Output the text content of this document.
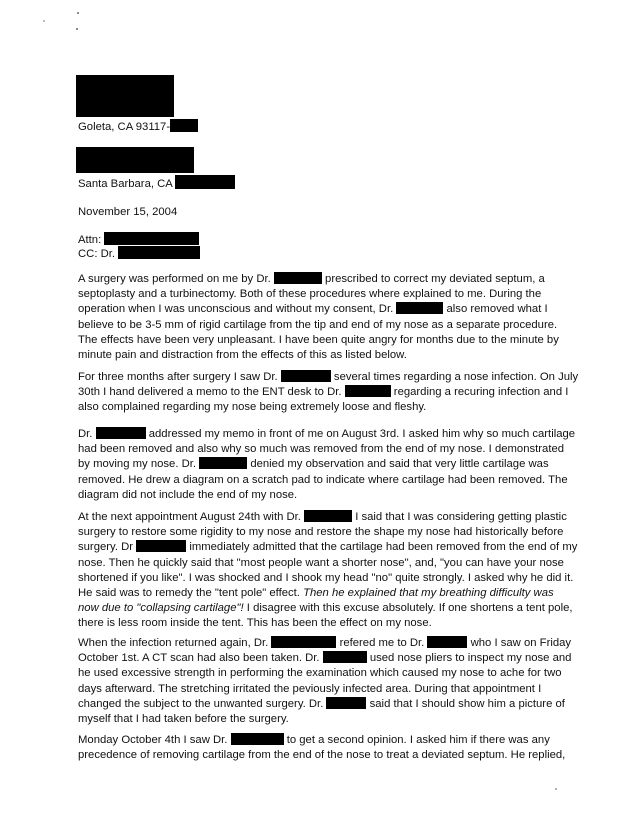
Goleta, CA 93117-
Santa Barbara, CA
November 15, 2004
Attn:
CC: Dr.
A surgery was performed on me by Dr.	prescribed to correct my deviated septum, a
septoplasty and a turbinectomy. Both of these procedures where explained to me. During the
operation when I was unconscious and without my consent, Dr.	also removed what I
believe to be 3-5 mm of rigid cartilage from the tip and end of my nose as a separate procedure.
The effects have been very unpleasant. I have been quite angry for months due to the minute by
minute pain and distraction from the effects of this as listed below.
For three months after surgery I saw Dr.	several times regarding a nose infection. On July
30th I hand delivered a memo to the ENT desk to Dr.	regarding a recuring infection and I
also complained regarding my nose being extremely loose and fleshy.
Dr.	addressed my memo in front of me on August 3rd. I asked him why so much cartilage
had been removed and also why so much was removed from the end of my nose. I demonstrated
by moving my nose. Dr.	denied my observation and said that very little cartilage was
removed. He drew a diagram on a scratch pad to indicate where cartilage had been removed. The
diagram did not include the end of my nose.
At the next appointment August 24th with Dr.	I said that I was considering getting plastic
surgery to restore some rigidity to my nose and restore the shape my nose had historically before
surgery. Dr	immediately admitted that the cartilage had been removed from the end of my
nose. Then he quickly said that "most people want a shorter nose", and, "you can have your nose
shortened if you like". I was shocked and I shook my head "no" quite strongly. I asked why he did it.
He said was to remedy the "tent pole" effect. Then he explained that my breathing difficulty was
now due to "collapsing cartilage"! I disagree with this excuse absolutely. If one shortens a tent pole,
there is less room inside the tent. This has been the effect on my nose.
When the infection returned again, Dr.	refered me to Dr.	who I saw on Friday
October 1st. A CT scan had also been taken. Dr.	used nose pliers to inspect my nose and
he used excessive strength in performing the examination which caused my nose to ache for two
days afterward. The stretching irritated the peviously infected area. During that appointment I
changed the subject to the unwanted surgery. Dr.	said that I should show him a picture of
myself that I had taken before the surgery.
Monday October 4th I saw Dr.	to get a second opinion. I asked him if there was any
precedence of removing cartilage from the end of the nose to treat a deviated septum. He replied,
